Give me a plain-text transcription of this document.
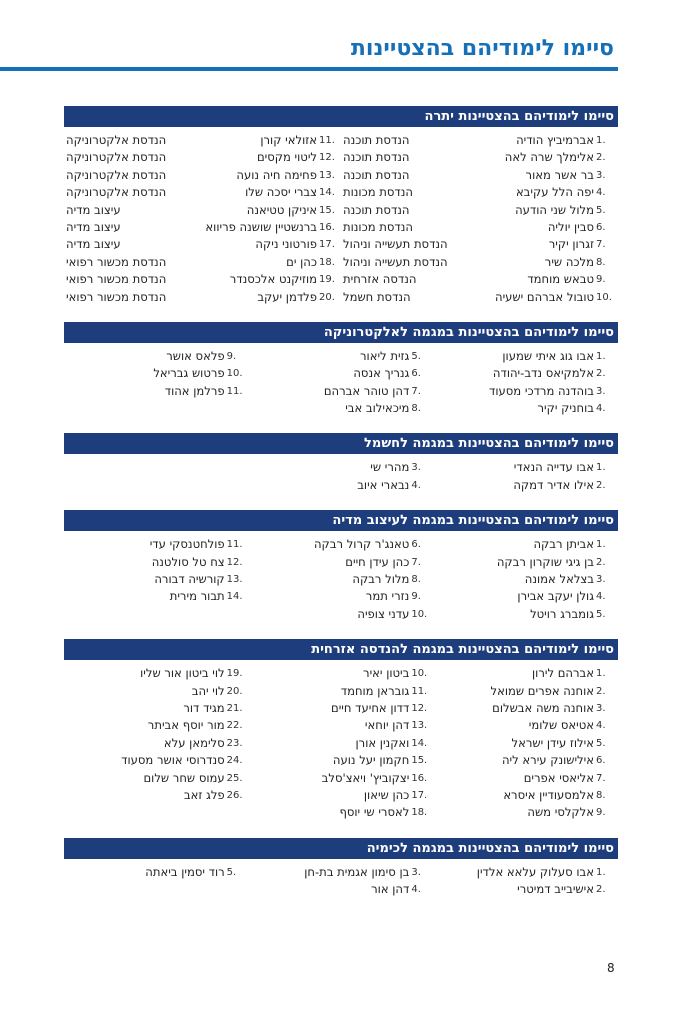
סיימו לימודיהם בהצטיינות
סיימו לימודיהם בהצטיינות יתרה
1.
אברמיביץ הודיה
הנדסת תוכנה
2.
אלימלך שרה לאה
הנדסת תוכנה
3.
בר אשר מאור
הנדסת תוכנה
4.
יפה הלל עקיבא
הנדסת מכונות
5.
מלול שני הודעה
הנדסת תוכנה
6.
סבין יוליה
הנדסת מכונות
7.
זגרון יקיר
הנדסת תעשייה וניהול
8.
מלכה שיר
הנדסת תעשייה וניהול
9.
טבאש מוחמד
הנדסה אזרחית
10.
טובול אברהם ישעיה
הנדסת חשמל
11.
אזולאי קורן
הנדסת אלקטרוניקה
12.
ליטוי מקסים
הנדסת אלקטרוניקה
13.
פחימה חיה נועה
הנדסת אלקטרוניקה
14.
צברי יסכה שלו
הנדסת אלקטרוניקה
15.
איניקן טטיאנה
עיצוב מדיה
16.
ברנשטיין שושנה פריווא
עיצוב מדיה
17.
פורטוני ניקה
עיצוב מדיה
18.
כהן ים
הנדסת מכשור רפואי
19.
מוזיקנט אלכסנדר
הנדסת מכשור רפואי
20.
פלדמן יעקב
הנדסת מכשור רפואי
סיימו לימודיהם בהצטיינות במגמה לאלקטרוניקה
1.
אבו גוג איתי שמעון
2.
אלמקיאס נדב-יהודה
3.
בוהדנה מרדכי מסעוד
4.
בוחניק יקיר
5.
גזית ליאור
6.
גנריך אנסה
7.
דהן טוהר אברהם
8.
מיכאילוב אבי
9.
פלאס אושר
10.
פרטוש גבריאל
11.
פרלמן אהוד
סיימו לימודיהם בהצטיינות במגמה לחשמל
1.
אבו עדייה הנאדי
2.
אילו אדיר דמקה
3.
מהרי שי
4.
נבארי איוב
סיימו לימודיהם בהצטיינות במגמה לעיצוב מדיה
1.
אביתן רבקה
2.
בן גיגי שוקרון רבקה
3.
בצלאל אמונה
4.
גולן יעקב אבירן
5.
גומברג רויטל
6.
טאנג'ר קרול רבקה
7.
כהן עידן חיים
8.
מלול רבקה
9.
נזרי תמר
10.
עדני צופיה
11.
פולחטנסקי עדי
12.
צח טל סולטנה
13.
קורשיה דבורה
14.
תבור מירית
סיימו לימודיהם בהצטיינות במגמה להנדסה אזרחית
1.
אברהם לירון
2.
אוחנה אפרים שמואל
3.
אוחנה משה אבשלום
4.
אטיאס שלומי
5.
אילוז עידן ישראל
6.
אילישונק עירא ליה
7.
אליאסי אפרים
8.
אלמסעודיין איסרא
9.
אלקלסי משה
10.
ביטון יאיר
11.
גובראן מוחמד
12.
דדון אחיעד חיים
13.
דהן יוחאי
14.
ואקנין אורן
15.
חקמון יעל נועה
16.
יצקוביץ' ויאצ'סלב
17.
כהן שיאון
18.
לאסרי שי יוסף
19.
לוי ביטון אור שליו
20.
לוי יהב
21.
מגיד דור
22.
מור יוסף אביתר
23.
סלימאן עלא
24.
סנדרוסי אושר מסעוד
25.
עמוס שחר שלום
26.
פלג זאב
סיימו לימודיהם בהצטיינות במגמה לכימיה
1.
אבו סעלוק עלאא אלדין
2.
אישיבייב דמיטרי
3.
בן סימון אגמית בת-חן
4.
דהן אור
5.
רוד יסמין ביאתה
8
